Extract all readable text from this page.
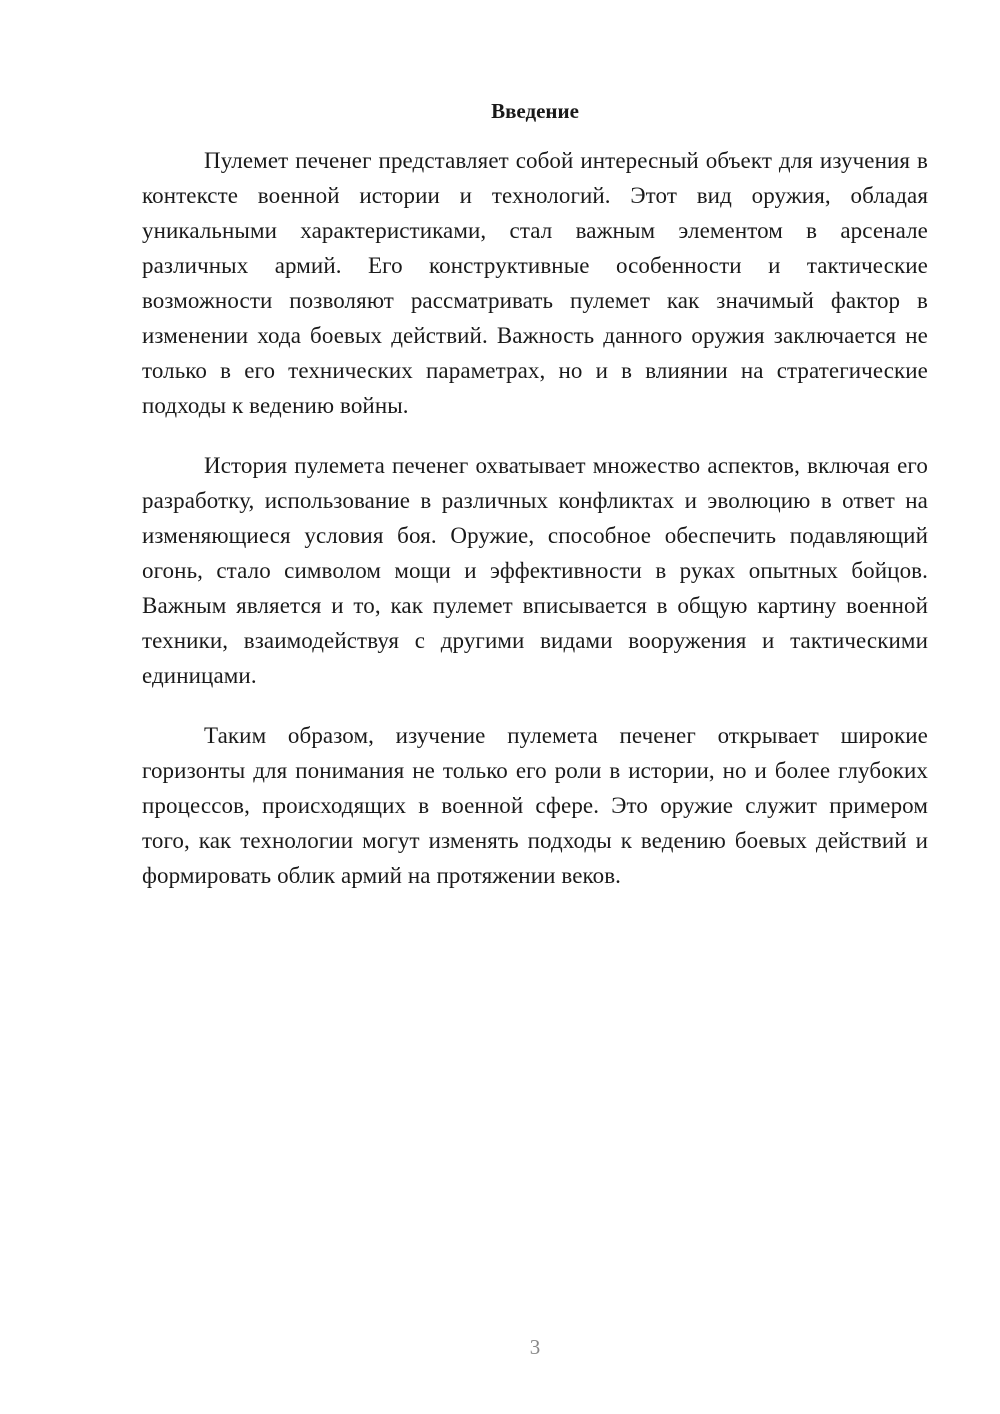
Введение

Пулемет печенег представляет собой интересный объект для изучения в контексте военной истории и технологий. Этот вид оружия, обладая уникальными характеристиками, стал важным элементом в арсенале различных армий. Его конструктивные особенности и тактические возможности позволяют рассматривать пулемет как значимый фактор в изменении хода боевых действий. Важность данного оружия заключается не только в его технических параметрах, но и в влиянии на стратегические подходы к ведению войны.

История пулемета печенег охватывает множество аспектов, включая его разработку, использование в различных конфликтах и эволюцию в ответ на изменяющиеся условия боя. Оружие, способное обеспечить подавляющий огонь, стало символом мощи и эффективности в руках опытных бойцов. Важным является и то, как пулемет вписывается в общую картину военной техники, взаимодействуя с другими видами вооружения и тактическими единицами.

Таким образом, изучение пулемета печенег открывает широкие горизонты для понимания не только его роли в истории, но и более глубоких процессов, происходящих в военной сфере. Это оружие служит примером того, как технологии могут изменять подходы к ведению боевых действий и формировать облик армий на протяжении веков.

3
